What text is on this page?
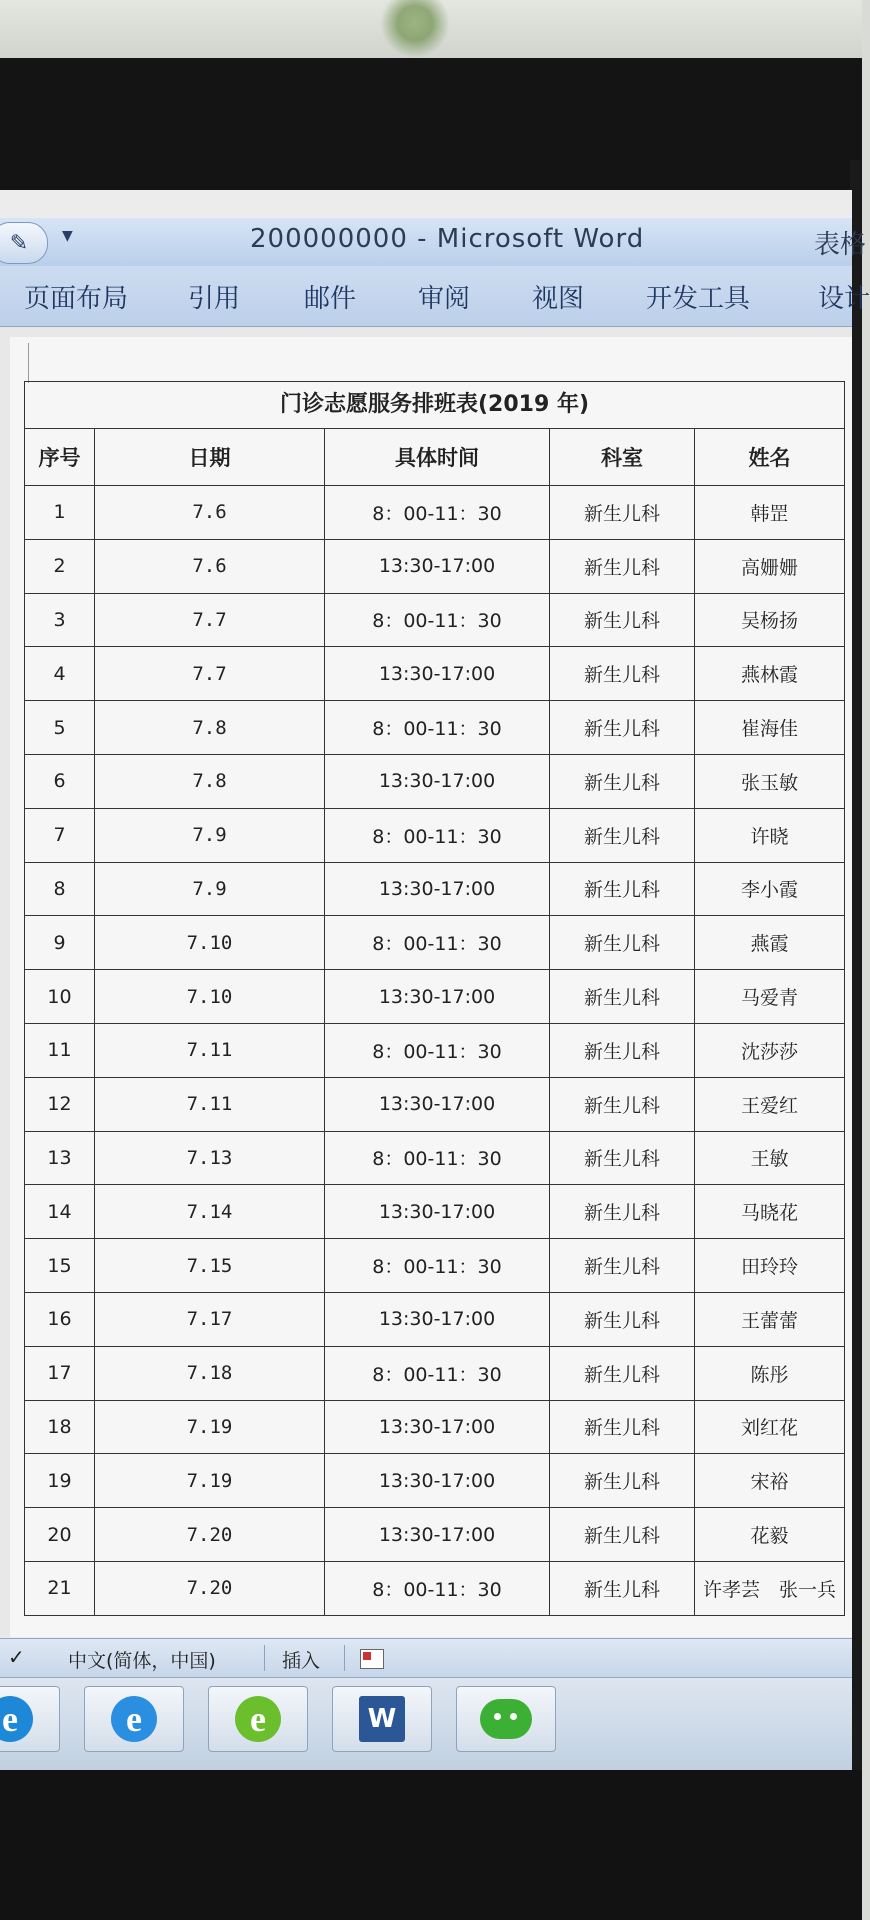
✎	▼	200000000 - Microsoft Word	表格
页面布局 引用 邮件 审阅 视图 开发工具	设计
门诊志愿服务排班表(2019 年)
序号	日期	具体时间	科室	姓名
1	7.6	8：00-11：30	新生儿科	韩罡
2	7.6	13:30-17:00	新生儿科	高姗姗
3	7.7	8：00-11：30	新生儿科	吴杨扬
4	7.7	13:30-17:00	新生儿科	燕林霞
5	7.8	8：00-11：30	新生儿科	崔海佳
6	7.8	13:30-17:00	新生儿科	张玉敏
7	7.9	8：00-11：30	新生儿科	许晓
8	7.9	13:30-17:00	新生儿科	李小霞
9	7.10	8：00-11：30	新生儿科	燕霞
10	7.10	13:30-17:00	新生儿科	马爱青
11	7.11	8：00-11：30	新生儿科	沈莎莎
12	7.11	13:30-17:00	新生儿科	王爱红
13	7.13	8：00-11：30	新生儿科	王敏
14	7.14	13:30-17:00	新生儿科	马晓花
15	7.15	8：00-11：30	新生儿科	田玲玲
16	7.17	13:30-17:00	新生儿科	王蕾蕾
17	7.18	8：00-11：30	新生儿科	陈彤
18	7.19	13:30-17:00	新生儿科	刘红花
19	7.19	13:30-17:00	新生儿科	宋裕
20	7.20	13:30-17:00	新生儿科	花毅
21	7.20	8：00-11：30	新生儿科	许孝芸　张一兵
✓ 中文(简体，中国)	插入
e	e	e	W
